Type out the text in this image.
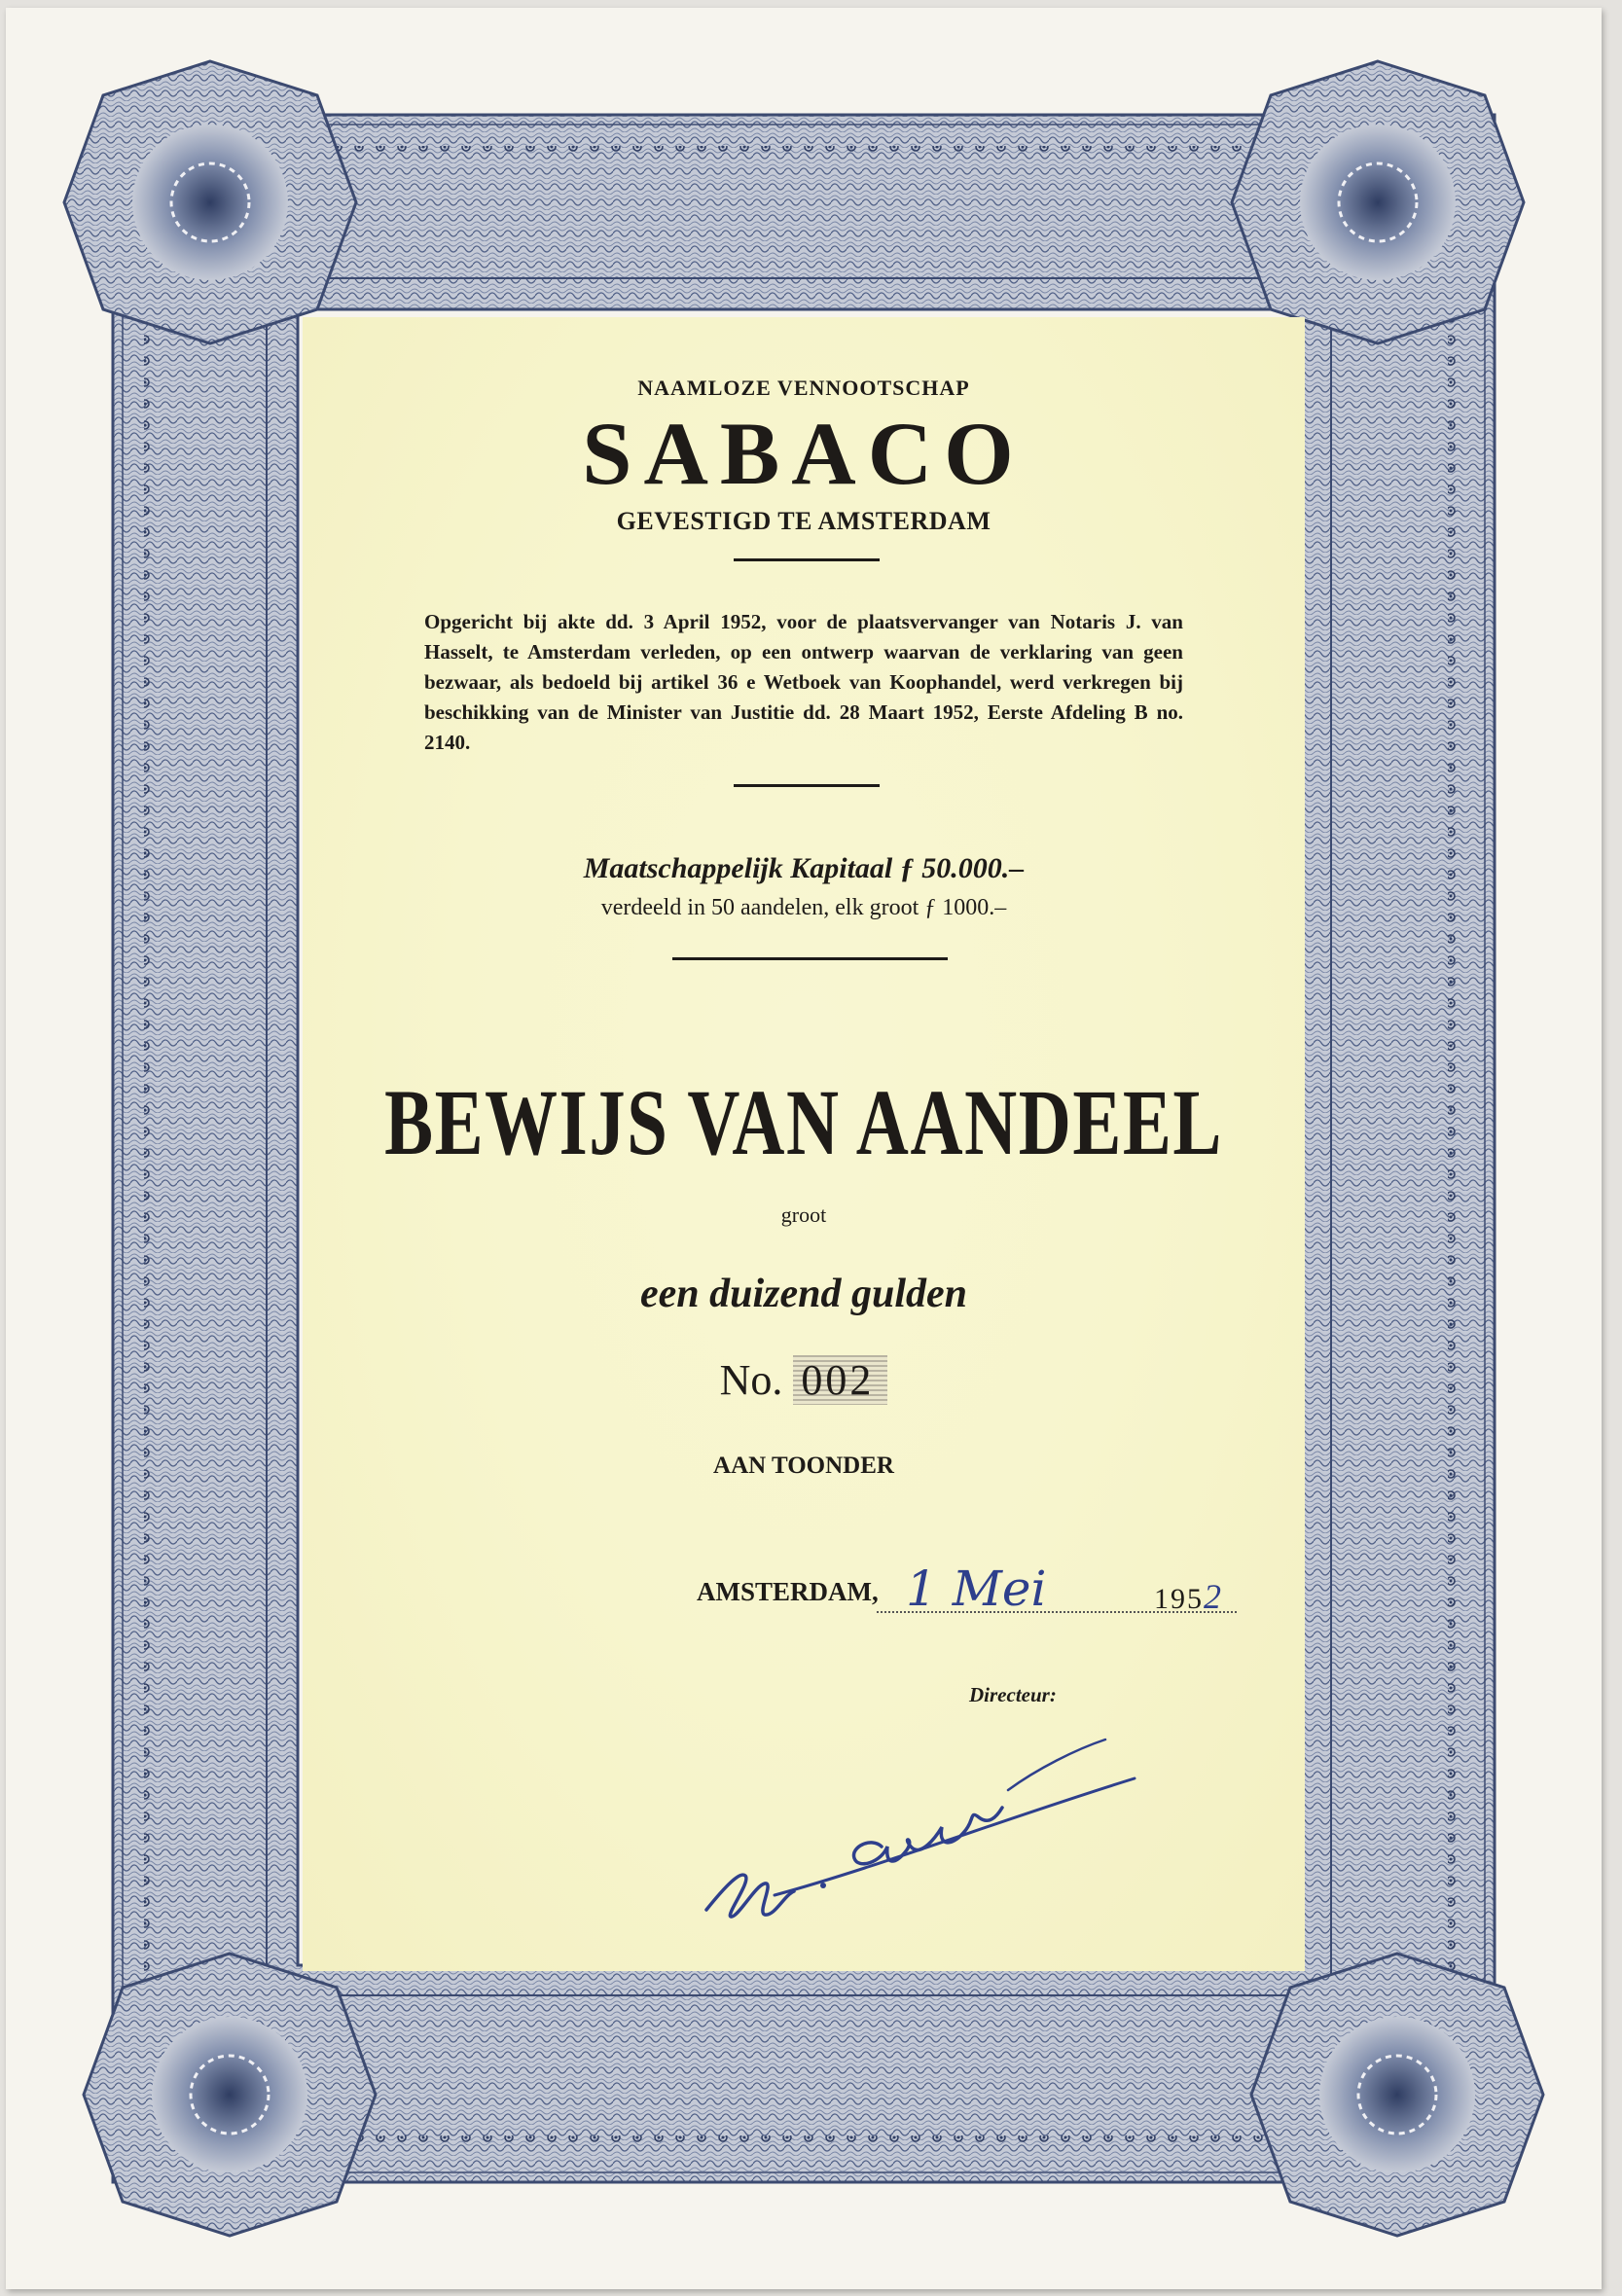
NAAMLOZE VENNOOTSCHAP
SABACO
GEVESTIGD TE AMSTERDAM
Opgericht bij akte dd. 3 April 1952, voor de plaatsvervanger van Notaris J. van Hasselt, te Amsterdam verleden, op een ontwerp waarvan de verklaring van geen bezwaar, als bedoeld bij artikel 36 e Wetboek van Koophandel, werd verkregen bij beschikking van de Minister van Justitie dd. 28 Maart 1952, Eerste Afdeling B no. 2140.
Maatschappelijk Kapitaal ƒ 50.000.–
verdeeld in 50 aandelen, elk groot ƒ 1000.–
BEWIJS VAN AANDEEL
groot
een duizend gulden
No. 002
AAN TOONDER
AMSTERDAM, 1 Mei	1952
Directeur:
